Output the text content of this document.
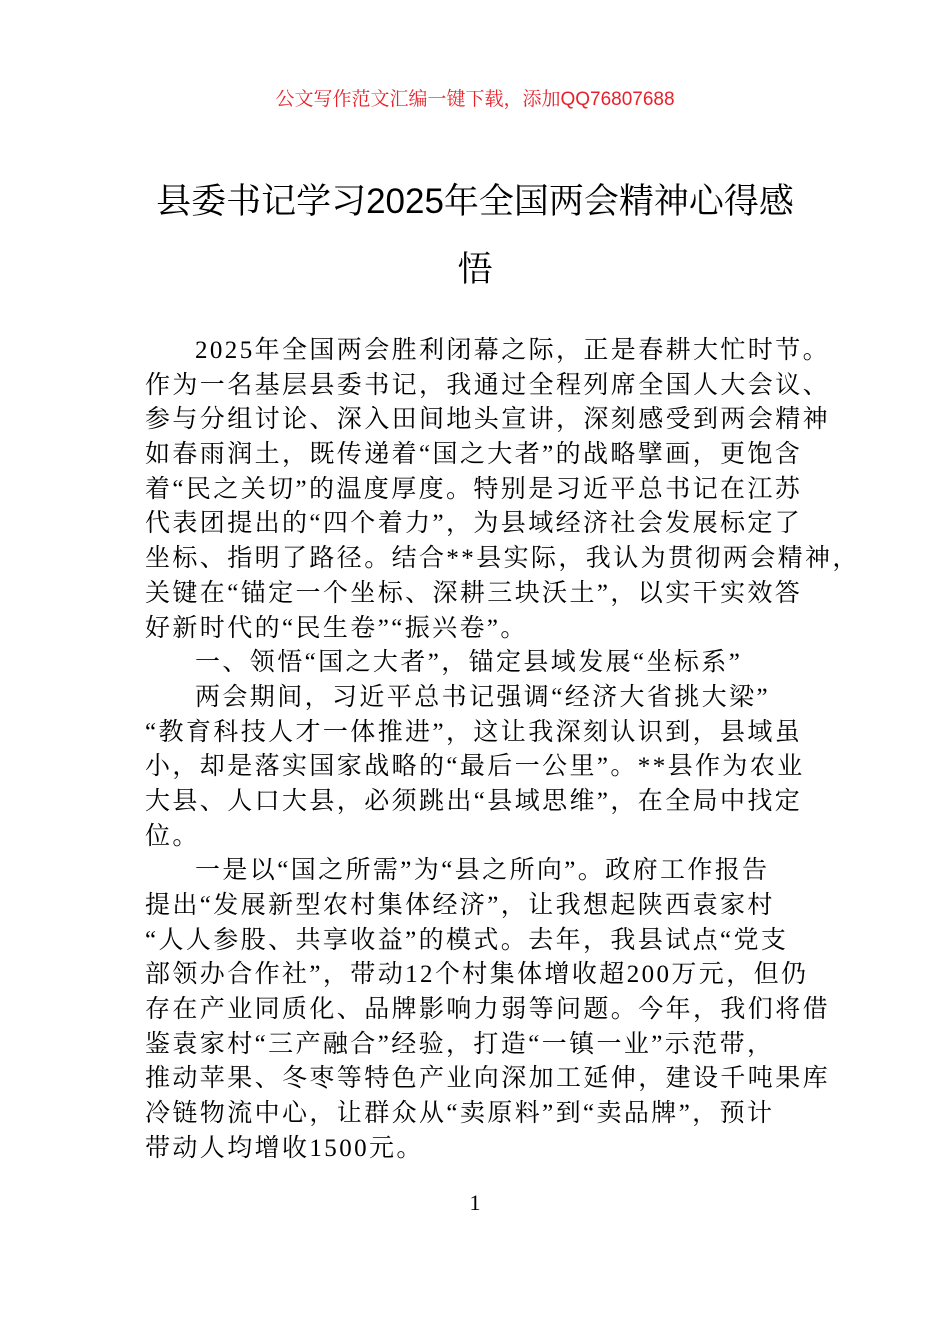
公文写作范文汇编一键下载，添加QQ76807688
县委书记学习2025年全国两会精神心得感
悟
2025年全国两会胜利闭幕之际，正是春耕大忙时节。
作为一名基层县委书记，我通过全程列席全国人大会议、
参与分组讨论、深入田间地头宣讲，深刻感受到两会精神
如春雨润土，既传递着“国之大者”的战略擘画，更饱含
着“民之关切”的温度厚度。特别是习近平总书记在江苏
代表团提出的“四个着力”，为县域经济社会发展标定了
坐标、指明了路径。结合**县实际，我认为贯彻两会精神，
关键在“锚定一个坐标、深耕三块沃土”，以实干实效答
好新时代的“民生卷”“振兴卷”。
一、领悟“国之大者”，锚定县域发展“坐标系”
两会期间，习近平总书记强调“经济大省挑大梁”
“教育科技人才一体推进”，这让我深刻认识到，县域虽
小，却是落实国家战略的“最后一公里”。**县作为农业
大县、人口大县，必须跳出“县域思维”，在全局中找定
位。
一是以“国之所需”为“县之所向”。政府工作报告
提出“发展新型农村集体经济”，让我想起陕西袁家村
“人人参股、共享收益”的模式。去年，我县试点“党支
部领办合作社”，带动12个村集体增收超200万元，但仍
存在产业同质化、品牌影响力弱等问题。今年，我们将借
鉴袁家村“三产融合”经验，打造“一镇一业”示范带，
推动苹果、冬枣等特色产业向深加工延伸，建设千吨果库
冷链物流中心，让群众从“卖原料”到“卖品牌”，预计
带动人均增收1500元。
1
